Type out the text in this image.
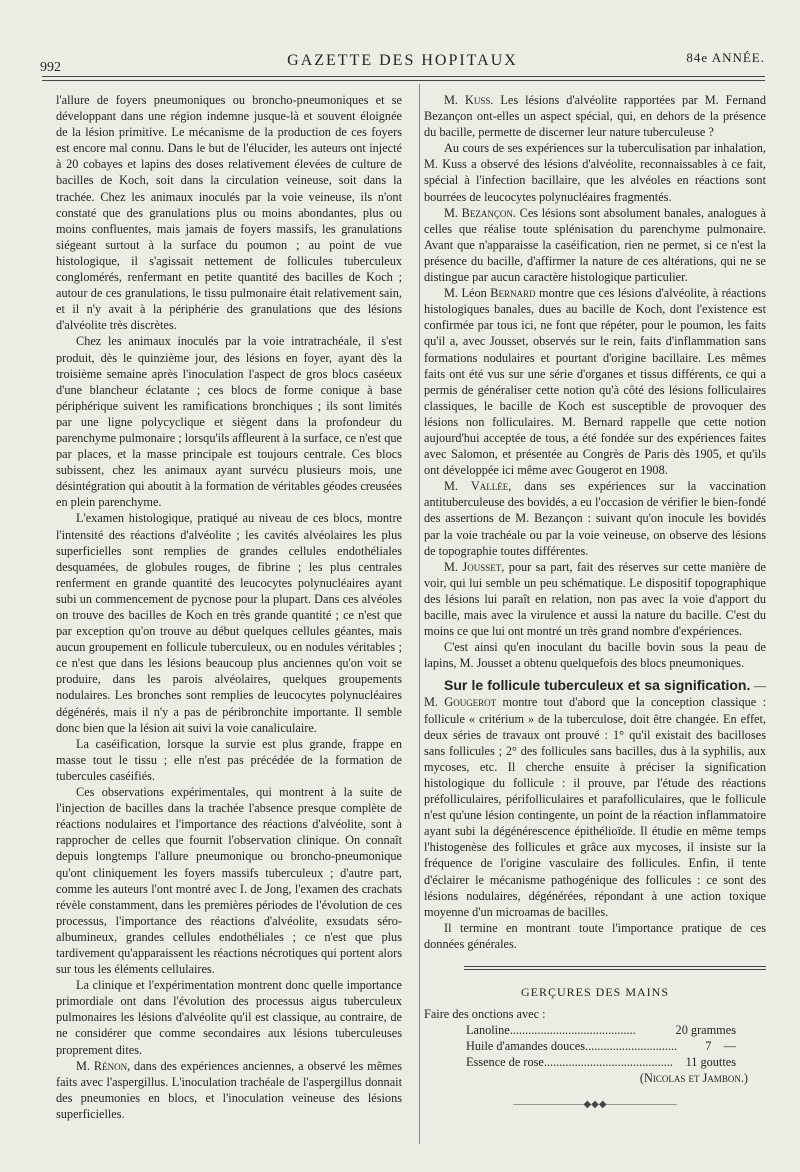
992	GAZETTE DES HOPITAUX	84e ANNÉE.

l'allure de foyers pneumoniques ou broncho-pneumoniques et se développant dans une région indemne jusque-là et souvent éloignée de la lésion primitive. Le mécanisme de la production de ces foyers est encore mal connu. Dans le but de l'élucider, les auteurs ont injecté à 20 cobayes et lapins des doses relativement élevées de culture de bacilles de Koch, soit dans la circulation veineuse, soit dans la trachée. Chez les animaux inoculés par la voie veineuse, ils n'ont constaté que des granulations plus ou moins abondantes, plus ou moins confluentes, mais jamais de foyers massifs, les granulations siégeant surtout à la surface du poumon ; au point de vue histologique, il s'agissait nettement de follicules tuberculeux conglomérés, renfermant en petite quantité des bacilles de Koch ; autour de ces granulations, le tissu pulmonaire était relativement sain, et il n'y avait à la périphérie des granulations que des lésions d'alvéolite très discrètes.

Chez les animaux inoculés par la voie intratrachéale, il s'est produit, dès le quinzième jour, des lésions en foyer, ayant dès la troisième semaine après l'inoculation l'aspect de gros blocs caséeux d'une blancheur éclatante ; ces blocs de forme conique à base périphérique suivent les ramifications bronchiques ; ils sont limités par une ligne polycyclique et siègent dans la profondeur du parenchyme pulmonaire ; lorsqu'ils affleurent à la surface, ce n'est que par places, et la masse principale est toujours centrale. Ces blocs subissent, chez les animaux ayant survécu plusieurs mois, une désintégration qui aboutit à la formation de véritables géodes creusées en plein parenchyme.

L'examen histologique, pratiqué au niveau de ces blocs, montre l'intensité des réactions d'alvéolite ; les cavités alvéolaires les plus superficielles sont remplies de grandes cellules endothéliales desquamées, de globules rouges, de fibrine ; les plus centrales renferment en grande quantité des leucocytes polynucléaires ayant subi un commencement de pycnose pour la plupart. Dans ces alvéoles on trouve des bacilles de Koch en très grande quantité ; ce n'est que par exception qu'on trouve au début quelques cellules géantes, mais aucun groupement en follicule tuberculeux, ou en nodules véritables ; ce n'est que dans les lésions beaucoup plus anciennes qu'on voit se produire, dans les parois alvéolaires, quelques groupements nodulaires. Les bronches sont remplies de leucocytes polynucléaires dégénérés, mais il n'y a pas de péribronchite importante. Il semble donc bien que la lésion ait suivi la voie canaliculaire.

La caséification, lorsque la survie est plus grande, frappe en masse tout le tissu ; elle n'est pas précédée de la formation de tubercules caséifiés.

Ces observations expérimentales, qui montrent à la suite de l'injection de bacilles dans la trachée l'absence presque complète de réactions nodulaires et l'importance des réactions d'alvéolite, sont à rapprocher de celles que fournit l'observation clinique. On connaît depuis longtemps l'allure pneumonique ou broncho-pneumonique qu'ont cliniquement les foyers massifs tuberculeux ; d'autre part, comme les auteurs l'ont montré avec I. de Jong, l'examen des crachats révèle constamment, dans les premières périodes de l'évolution de ces processus, l'importance des réactions d'alvéolite, exsudats séro-albumineux, grandes cellules endothéliales ; ce n'est que plus tardivement qu'apparaissent les réactions nécrotiques qui portent alors sur tous les éléments cellulaires.

La clinique et l'expérimentation montrent donc quelle importance primordiale ont dans l'évolution des processus aigus tuberculeux pulmonaires les lésions d'alvéolite qu'il est classique, au contraire, de ne considérer que comme secondaires aux lésions tuberculeuses proprement dites.

M. Rénon, dans des expériences anciennes, a observé les mêmes faits avec l'aspergillus. L'inoculation trachéale de l'aspergillus donnait des pneumonies en blocs, et l'inoculation veineuse des lésions superficielles.

M. Kuss. Les lésions d'alvéolite rapportées par M. Fernand Bezançon ont-elles un aspect spécial, qui, en dehors de la présence du bacille, permette de discerner leur nature tuberculeuse ?

Au cours de ses expériences sur la tuberculisation par inhalation, M. Kuss a observé des lésions d'alvéolite, reconnaissables à ce fait, spécial à l'infection bacillaire, que les alvéoles en réactions sont bourrées de leucocytes polynucléaires fragmentés.

M. Bezançon. Ces lésions sont absolument banales, analogues à celles que réalise toute splénisation du parenchyme pulmonaire. Avant que n'apparaisse la caséification, rien ne permet, si ce n'est la présence du bacille, d'affirmer la nature de ces altérations, qui ne se distingue par aucun caractère histologique particulier.

M. Léon Bernard montre que ces lésions d'alvéolite, à réactions histologiques banales, dues au bacille de Koch, dont l'existence est confirmée par tous ici, ne font que répéter, pour le poumon, les faits qu'il a, avec Jousset, observés sur le rein, faits d'inflammation sans formations nodulaires et pourtant d'origine bacillaire. Les mêmes faits ont été vus sur une série d'organes et tissus différents, ce qui a permis de généraliser cette notion qu'à côté des lésions folliculaires classiques, le bacille de Koch est susceptible de provoquer des lésions non folliculaires. M. Bernard rappelle que cette notion aujourd'hui acceptée de tous, a été fondée sur des expériences faites avec Salomon, et présentée au Congrès de Paris dès 1905, et qu'ils ont développée ici même avec Gougerot en 1908.

M. Vallée, dans ses expériences sur la vaccination antituberculeuse des bovidés, a eu l'occasion de vérifier le bien-fondé des assertions de M. Bezançon : suivant qu'on inocule les bovidés par la voie trachéale ou par la voie veineuse, on observe des lésions de topographie toutes différentes.

M. Jousset, pour sa part, fait des réserves sur cette manière de voir, qui lui semble un peu schématique. Le dispositif topographique des lésions lui paraît en relation, non pas avec la voie d'apport du bacille, mais avec la virulence et aussi la nature du bacille. C'est du moins ce que lui ont montré un très grand nombre d'expériences.

C'est ainsi qu'en inoculant du bacille bovin sous la peau de lapins, M. Jousset a obtenu quelquefois des blocs pneumoniques.

Sur le follicule tuberculeux et sa signification. — M. Gougerot montre tout d'abord que la conception classique : follicule « critérium » de la tuberculose, doit être changée. En effet, deux séries de travaux ont prouvé : 1° qu'il existait des bacilloses sans follicules ; 2° des follicules sans bacilles, dus à la syphilis, aux mycoses, etc. Il cherche ensuite à préciser la signification histologique du follicule : il prouve, par l'étude des réactions préfolliculaires, périfolliculaires et parafolliculaires, que le follicule n'est qu'une lésion contingente, un point de la réaction inflammatoire ayant subi la dégénérescence épithélioïde. Il étudie en même temps l'histogenèse des follicules et grâce aux mycoses, il insiste sur la fréquence de l'origine vasculaire des follicules. Enfin, il tente d'éclairer le mécanisme pathogénique des follicules : ce sont des lésions nodulaires, dégénérées, répondant à une action toxique moyenne d'un microamas de bacilles.

Il termine en montrant toute l'importance pratique de ces données générales.

GERÇURES DES MAINS

Faire des onctions avec :

Lanoline.........................................	20 grammes
Huile d'amandes douces..............................	7    —
Essence de rose..........................................	11 gouttes
(Nicolas et Jambon.)
———————◆◆◆———————
